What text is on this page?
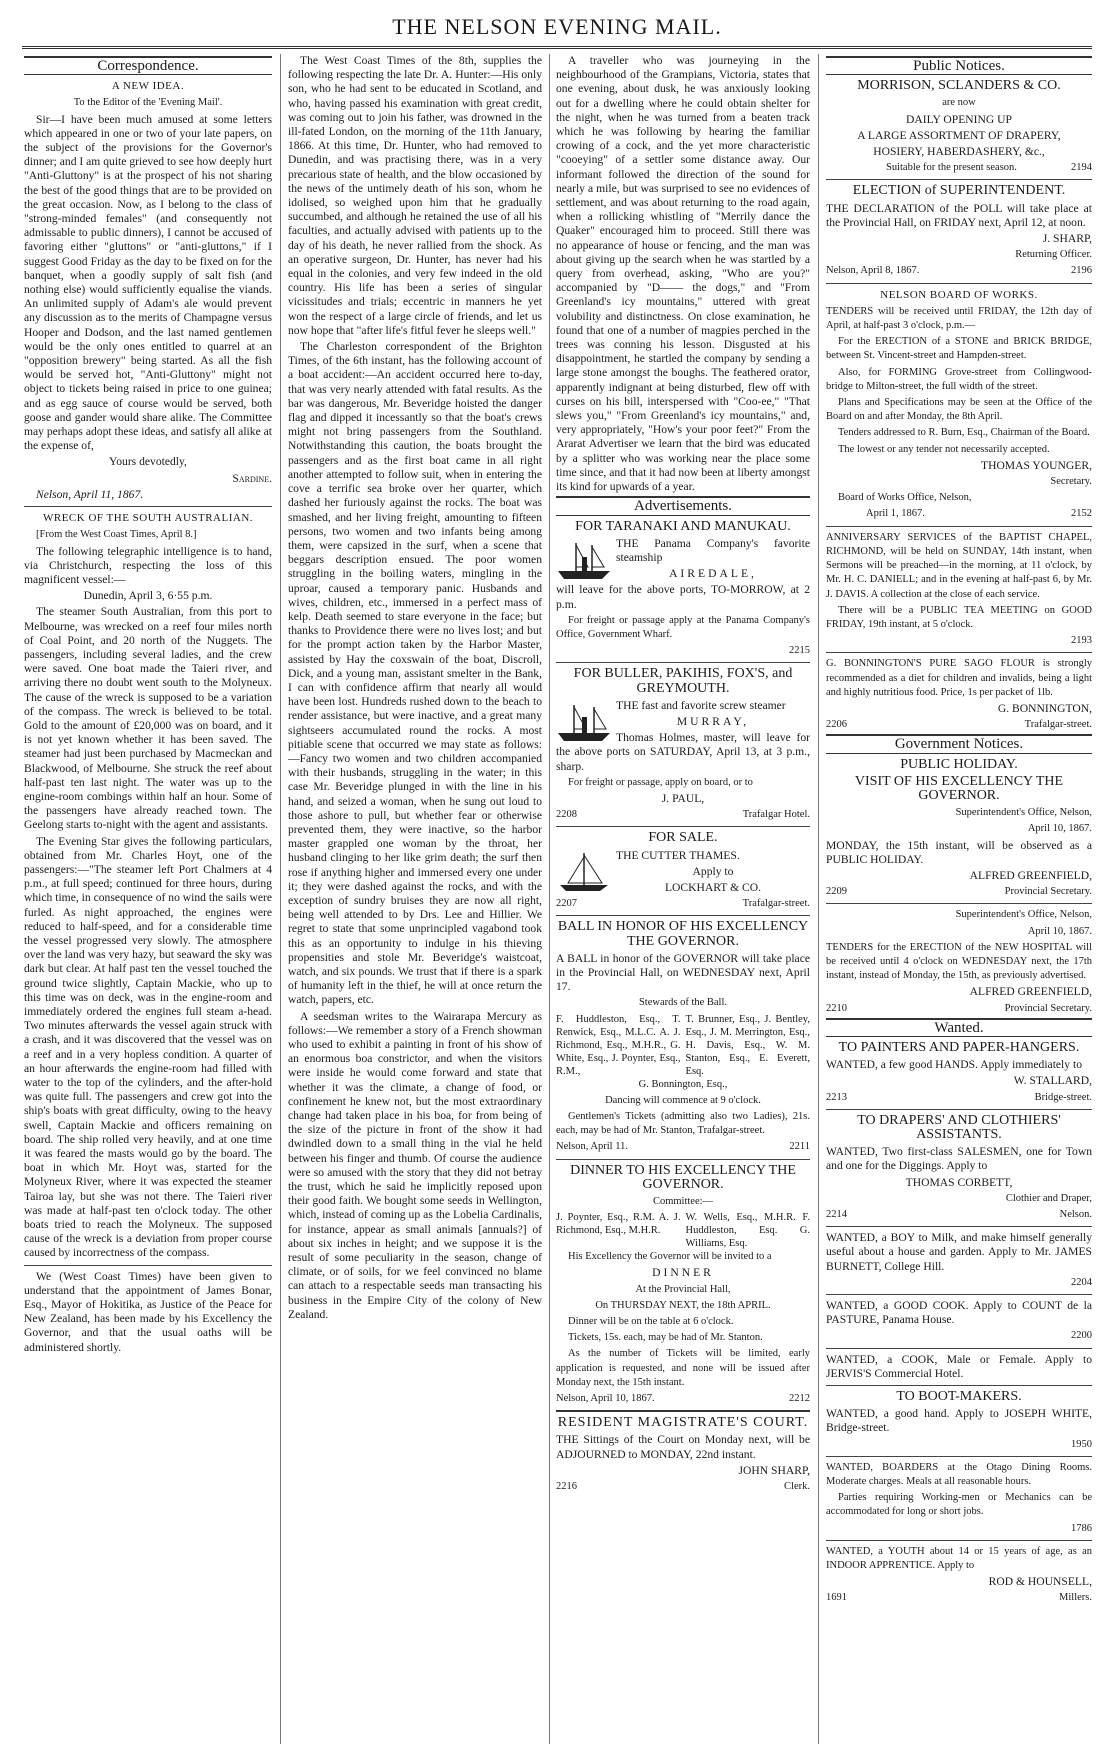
THE NELSON EVENING MAIL.
Correspondence.
A NEW IDEA.

To the Editor of the 'Evening Mail'.

Sir—I have been much amused at some letters which appeared in one or two of your late papers, on the subject of the provisions for the Governor's dinner; and I am quite grieved to see how deeply hurt "Anti-Gluttony" is at the prospect of his not sharing the best of the good things that are to be provided on the great occasion. Now, as I belong to the class of "strong-minded females" (and consequently not admissable to public dinners), I cannot be accused of favoring either "gluttons" or "anti-gluttons," if I suggest Good Friday as the day to be fixed on for the banquet, when a goodly supply of salt fish (and nothing else) would sufficiently equalise the viands. An unlimited supply of Adam's ale would prevent any discussion as to the merits of Champagne versus Hooper and Dodson, and the last named gentlemen would be the only ones entitled to quarrel at an "opposition brewery" being started. As all the fish would be served hot, "Anti-Gluttony" might not object to tickets being raised in price to one guinea; and as egg sauce of course would be served, both goose and gander would share alike. The Committee may perhaps adopt these ideas, and satisfy all alike at the expense of,

Yours devotedly,

Sardine.

Nelson, April 11, 1867.

WRECK OF THE SOUTH AUSTRALIAN.

[From the West Coast Times, April 8.]

The following telegraphic intelligence is to hand, via Christchurch, respecting the loss of this magnificent vessel:—

Dunedin, April 3, 6·55 p.m.

The steamer South Australian, from this port to Melbourne, was wrecked on a reef four miles north of Coal Point, and 20 north of the Nuggets. The passengers, including several ladies, and the crew were saved. One boat made the Taieri river, and arriving there no doubt went south to the Molyneux. The cause of the wreck is supposed to be a variation of the compass. The wreck is believed to be total. Gold to the amount of £20,000 was on board, and it is not yet known whether it has been saved. The steamer had just been purchased by Macmeckan and Blackwood, of Melbourne. She struck the reef about half-past ten last night. The water was up to the engine-room combings within half an hour. Some of the passengers have already reached town. The Geelong starts to-night with the agent and assistants.

The Evening Star gives the following particulars, obtained from Mr. Charles Hoyt, one of the passengers:—"The steamer left Port Chalmers at 4 p.m., at full speed; continued for three hours, during which time, in consequence of no wind the sails were furled. As night approached, the engines were reduced to half-speed, and for a considerable time the vessel progressed very slowly. The atmosphere over the land was very hazy, but seaward the sky was dark but clear. At half past ten the vessel touched the ground twice slightly, Captain Mackie, who up to this time was on deck, was in the engine-room and immediately ordered the engines full steam a-head. Two minutes afterwards the vessel again struck with a crash, and it was discovered that the vessel was on a reef and in a very hopless condition. A quarter of an hour afterwards the engine-room had filled with water to the top of the cylinders, and the after-hold was quite full. The passengers and crew got into the ship's boats with great difficulty, owing to the heavy swell, Captain Mackie and officers remaining on board. The ship rolled very heavily, and at one time it was feared the masts would go by the board. The boat in which Mr. Hoyt was, started for the Molyneux River, where it was expected the steamer Tairoa lay, but she was not there. The Taieri river was made at half-past ten o'clock today. The other boats tried to reach the Molyneux. The supposed cause of the wreck is a deviation from proper course caused by incorrectness of the compass.

We (West Coast Times) have been given to understand that the appointment of James Bonar, Esq., Mayor of Hokitika, as Justice of the Peace for New Zealand, has been made by his Excellency the Governor, and that the usual oaths will be administered shortly.

The West Coast Times of the 8th, supplies the following respecting the late Dr. A. Hunter:—His only son, who he had sent to be educated in Scotland, and who, having passed his examination with great credit, was coming out to join his father, was drowned in the ill-fated London, on the morning of the 11th January, 1866. At this time, Dr. Hunter, who had removed to Dunedin, and was practising there, was in a very precarious state of health, and the blow occasioned by the news of the untimely death of his son, whom he idolised, so weighed upon him that he gradually succumbed, and although he retained the use of all his faculties, and actually advised with patients up to the day of his death, he never rallied from the shock. As an operative surgeon, Dr. Hunter, has never had his equal in the colonies, and very few indeed in the old country. His life has been a series of singular vicissitudes and trials; eccentric in manners he yet won the respect of a large circle of friends, and let us now hope that "after life's fitful fever he sleeps well."

The Charleston correspondent of the Brighton Times, of the 6th instant, has the following account of a boat accident:—An accident occurred here to-day, that was very nearly attended with fatal results. As the bar was dangerous, Mr. Beveridge hoisted the danger flag and dipped it incessantly so that the boat's crews might not bring passengers from the Southland. Notwithstanding this caution, the boats brought the passengers and as the first boat came in all right another attempted to follow suit, when in entering the cove a terrific sea broke over her quarter, which dashed her furiously against the rocks. The boat was smashed, and her living freight, amounting to fifteen persons, two women and two infants being among them, were capsized in the surf, when a scene that beggars description ensued. The poor women struggling in the boiling waters, mingling in the uproar, caused a temporary panic. Husbands and wives, children, etc., immersed in a perfect mass of kelp. Death seemed to stare everyone in the face; but thanks to Providence there were no lives lost; and but for the prompt action taken by the Harbor Master, assisted by Hay the coxswain of the boat, Discroll, Dick, and a young man, assistant smelter in the Bank, I can with confidence affirm that nearly all would have been lost. Hundreds rushed down to the beach to render assistance, but were inactive, and a great many sightseers accumulated round the rocks. A most pitiable scene that occurred we may state as follows:—Fancy two women and two children accompanied with their husbands, struggling in the water; in this case Mr. Beveridge plunged in with the line in his hand, and seized a woman, when he sung out loud to those ashore to pull, but whether fear or otherwise prevented them, they were inactive, so the harbor master grappled one woman by the throat, her husband clinging to her like grim death; the surf then rose if anything higher and immersed every one under it; they were dashed against the rocks, and with the exception of sundry bruises they are now all right, being well attended to by Drs. Lee and Hillier. We regret to state that some unprincipled vagabond took this as an opportunity to indulge in his thieving propensities and stole Mr. Beveridge's waistcoat, watch, and six pounds. We trust that if there is a spark of humanity left in the thief, he will at once return the watch, papers, etc.

A seedsman writes to the Wairarapa Mercury as follows:—We remember a story of a French showman who used to exhibit a painting in front of his show of an enormous boa constrictor, and when the visitors were inside he would come forward and state that whether it was the climate, a change of food, or confinement he knew not, but the most extraordinary change had taken place in his boa, for from being of the size of the picture in front of the show it had dwindled down to a small thing in the vial he held between his finger and thumb. Of course the audience were so amused with the story that they did not betray the trust, which he said he implicitly reposed upon their good faith. We bought some seeds in Wellington, which, instead of coming up as the Lobelia Cardinalis, for instance, appear as small animals [annuals?] of about six inches in height; and we suppose it is the result of some peculiarity in the season, change of climate, or of soils, for we feel convinced no blame can attach to a respectable seeds man transacting his business in the Empire City of the colony of New Zealand.

A traveller who was journeying in the neighbourhood of the Grampians, Victoria, states that one evening, about dusk, he was anxiously looking out for a dwelling where he could obtain shelter for the night, when he was turned from a beaten track which he was following by hearing the familiar crowing of a cock, and the yet more characteristic "cooeying" of a settler some distance away. Our informant followed the direction of the sound for nearly a mile, but was surprised to see no evidences of settlement, and was about returning to the road again, when a rollicking whistling of "Merrily dance the Quaker" encouraged him to proceed. Still there was no appearance of house or fencing, and the man was about giving up the search when he was startled by a query from overhead, asking, "Who are you?" accompanied by "D—— the dogs," and "From Greenland's icy mountains," uttered with great volubility and distinctness. On close examination, he found that one of a number of magpies perched in the trees was conning his lesson. Disgusted at his disappointment, he startled the company by sending a large stone amongst the boughs. The feathered orator, apparently indignant at being disturbed, flew off with curses on his bill, interspersed with "Coo-ee," "That slews you," "From Greenland's icy mountains," and, very appropriately, "How's your poor feet?" From the Ararat Advertiser we learn that the bird was educated by a splitter who was working near the place some time since, and that it had now been at liberty amongst its kind for upwards of a year.

Advertisements.
FOR TARANAKI AND MANUKAU.

THE Panama Company's favorite steamship

AIREDALE,

will leave for the above ports, TO-MORROW, at 2 p.m.

For freight or passage apply at the Panama Company's Office, Government Wharf.

2215

FOR BULLER, PAKIHIS, FOX'S, and GREYMOUTH.

THE fast and favorite screw steamer

MURRAY,

Thomas Holmes, master, will leave for the above ports on SATURDAY, April 13, at 3 p.m., sharp.

For freight or passage, apply on board, or to

J. PAUL,

2208	Trafalgar Hotel.
FOR SALE.

THE CUTTER THAMES.

Apply to

LOCKHART & CO.

2207	Trafalgar-street.
BALL IN HONOR OF HIS EXCELLENCY THE GOVERNOR.

A BALL in honor of the GOVERNOR will take place in the Provincial Hall, on WEDNESDAY next, April 17.

Stewards of the Ball.

F. Huddleston, Esq., T. Renwick, Esq., M.L.C. A. J. Richmond, Esq., M.H.R., G. White, Esq., J. Poynter, Esq., R.M.,
T. Brunner, Esq., J. Bentley, Esq., J. M. Merrington, Esq., H. Davis, Esq., W. M. Stanton, Esq., E. Everett, Esq.

G. Bonnington, Esq.,

Dancing will commence at 9 o'clock.

Gentlemen's Tickets (admitting also two Ladies), 21s. each, may be had of Mr. Stanton, Trafalgar-street.

Nelson, April 11.	2211
DINNER TO HIS EXCELLENCY THE GOVERNOR.

Committee:—

J. Poynter, Esq., R.M. A. J. Richmond, Esq., M.H.R.
W. Wells, Esq., M.H.R. F. Huddleston, Esq. G. Williams, Esq.

His Excellency the Governor will be invited to a

DINNER

At the Provincial Hall,

On THURSDAY NEXT, the 18th APRIL.

Dinner will be on the table at 6 o'clock.

Tickets, 15s. each, may be had of Mr. Stanton.

As the number of Tickets will be limited, early application is requested, and none will be issued after Monday next, the 15th instant.

Nelson, April 10, 1867.	2212
RESIDENT MAGISTRATE'S COURT.

THE Sittings of the Court on Monday next, will be ADJOURNED to MONDAY, 22nd instant.

JOHN SHARP,

2216	Clerk.
Public Notices.
MORRISON, SCLANDERS & CO.

are now

DAILY OPENING UP

A LARGE ASSORTMENT OF DRAPERY,

HOSIERY, HABERDASHERY, &c.,

Suitable for the present season.	2194
ELECTION of SUPERINTENDENT.

THE DECLARATION of the POLL will take place at the Provincial Hall, on FRIDAY next, April 12, at noon.

J. SHARP,

Returning Officer.

Nelson, April 8, 1867.	2196
NELSON BOARD OF WORKS.

TENDERS will be received until FRIDAY, the 12th day of April, at half-past 3 o'clock, p.m.—

For the ERECTION of a STONE and BRICK BRIDGE, between St. Vincent-street and Hampden-street.

Also, for FORMING Grove-street from Collingwood-bridge to Milton-street, the full width of the street.

Plans and Specifications may be seen at the Office of the Board on and after Monday, the 8th April.

Tenders addressed to R. Burn, Esq., Chairman of the Board.

The lowest or any tender not necessarily accepted.

THOMAS YOUNGER,

Secretary.

Board of Works Office, Nelson,

April 1, 1867.	2152

ANNIVERSARY SERVICES of the BAPTIST CHAPEL, RICHMOND, will be held on SUNDAY, 14th instant, when Sermons will be preached—in the morning, at 11 o'clock, by Mr. H. C. DANIELL; and in the evening at half-past 6, by Mr. J. DAVIS. A collection at the close of each service.

There will be a PUBLIC TEA MEETING on GOOD FRIDAY, 19th instant, at 5 o'clock.

2193

G. BONNINGTON'S PURE SAGO FLOUR is strongly recommended as a diet for children and invalids, being a light and highly nutritious food. Price, 1s per packet of 1lb.

G. BONNINGTON,

2206	Trafalgar-street.
Government Notices.
PUBLIC HOLIDAY.
VISIT OF HIS EXCELLENCY THE GOVERNOR.

Superintendent's Office, Nelson,

April 10, 1867.

MONDAY, the 15th instant, will be observed as a PUBLIC HOLIDAY.

ALFRED GREENFIELD,

2209	Provincial Secretary.

Superintendent's Office, Nelson,

April 10, 1867.

TENDERS for the ERECTION of the NEW HOSPITAL will be received until 4 o'clock on WEDNESDAY next, the 17th instant, instead of Monday, the 15th, as previously advertised.

ALFRED GREENFIELD,

2210	Provincial Secretary.
Wanted.
TO PAINTERS AND PAPER-HANGERS.

WANTED, a few good HANDS. Apply immediately to

W. STALLARD,

2213	Bridge-street.
TO DRAPERS' AND CLOTHIERS' ASSISTANTS.

WANTED, Two first-class SALESMEN, one for Town and one for the Diggings. Apply to

THOMAS CORBETT,

Clothier and Draper,

2214	Nelson.

WANTED, a BOY to Milk, and make himself generally useful about a house and garden. Apply to Mr. JAMES BURNETT, College Hill.

2204

WANTED, a GOOD COOK. Apply to COUNT de la PASTURE, Panama House.

2200

WANTED, a COOK, Male or Female. Apply to JERVIS'S Commercial Hotel.

TO BOOT-MAKERS.

WANTED, a good hand. Apply to JOSEPH WHITE, Bridge-street.

1950

WANTED, BOARDERS at the Otago Dining Rooms. Moderate charges. Meals at all reasonable hours.

Parties requiring Working-men or Mechanics can be accommodated for long or short jobs.

1786

WANTED, a YOUTH about 14 or 15 years of age, as an INDOOR APPRENTICE. Apply to

ROD & HOUNSELL,

1691	Millers.
